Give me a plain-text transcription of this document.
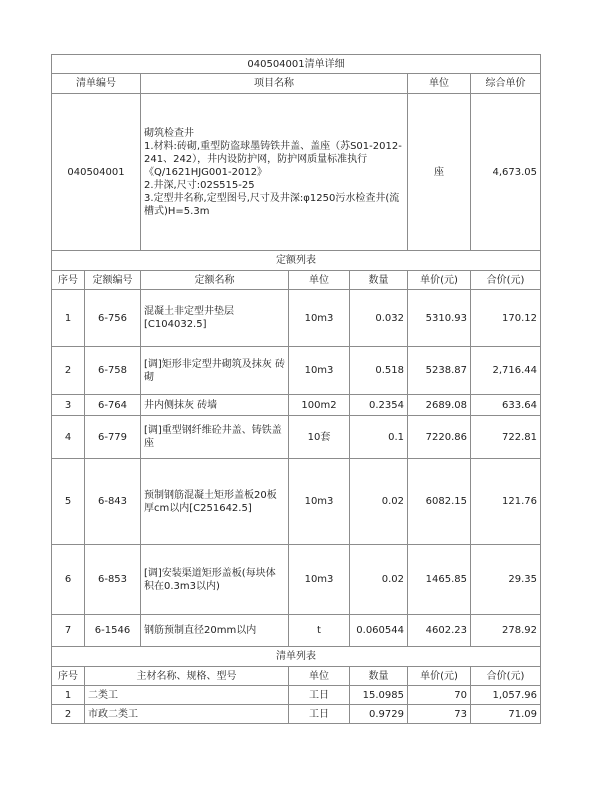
040504001清单详细						
清单编号		项目名称			单位	综合单价
040504001		砌筑检查井
1.材料:砖砌,重型防盗球墨铸铁井盖、盖座（苏S01-2012-241、242），井内设防护网，防护网质量标准执行《Q/1621HJG001-2012》
2.井深,尺寸:02S515-25
3.定型井名称,定型图号,尺寸及井深:φ1250污水检查井(流槽式)H=5.3m			座	4,673.05
定额列表						
序号	定额编号	定额名称	单位	数量	单价(元)	合价(元)
1	6-756	混凝土非定型井垫层[C104032.5]	10m3	0.032	5310.93	170.12
2	6-758	[调]矩形非定型井砌筑及抹灰 砖砌	10m3	0.518	5238.87	2,716.44
3	6-764	井内侧抹灰 砖墙	100m2	0.2354	2689.08	633.64
4	6-779	[调]重型钢纤维砼井盖、铸铁盖座	10套	0.1	7220.86	722.81
5	6-843	预制钢筋混凝土矩形盖板20板厚cm以内[C251642.5]	10m3	0.02	6082.15	121.76
6	6-853	[调]安装渠道矩形盖板(每块体积在0.3m3以内)	10m3	0.02	1465.85	29.35
7	6-1546	钢筋预制直径20mm以内	t	0.060544	4602.23	278.92
清单列表						
序号	主材名称、规格、型号		单位	数量	单价(元)	合价(元)
1	二类工		工日	15.0985	70	1,057.96
2	市政二类工		工日	0.9729	73	71.09
